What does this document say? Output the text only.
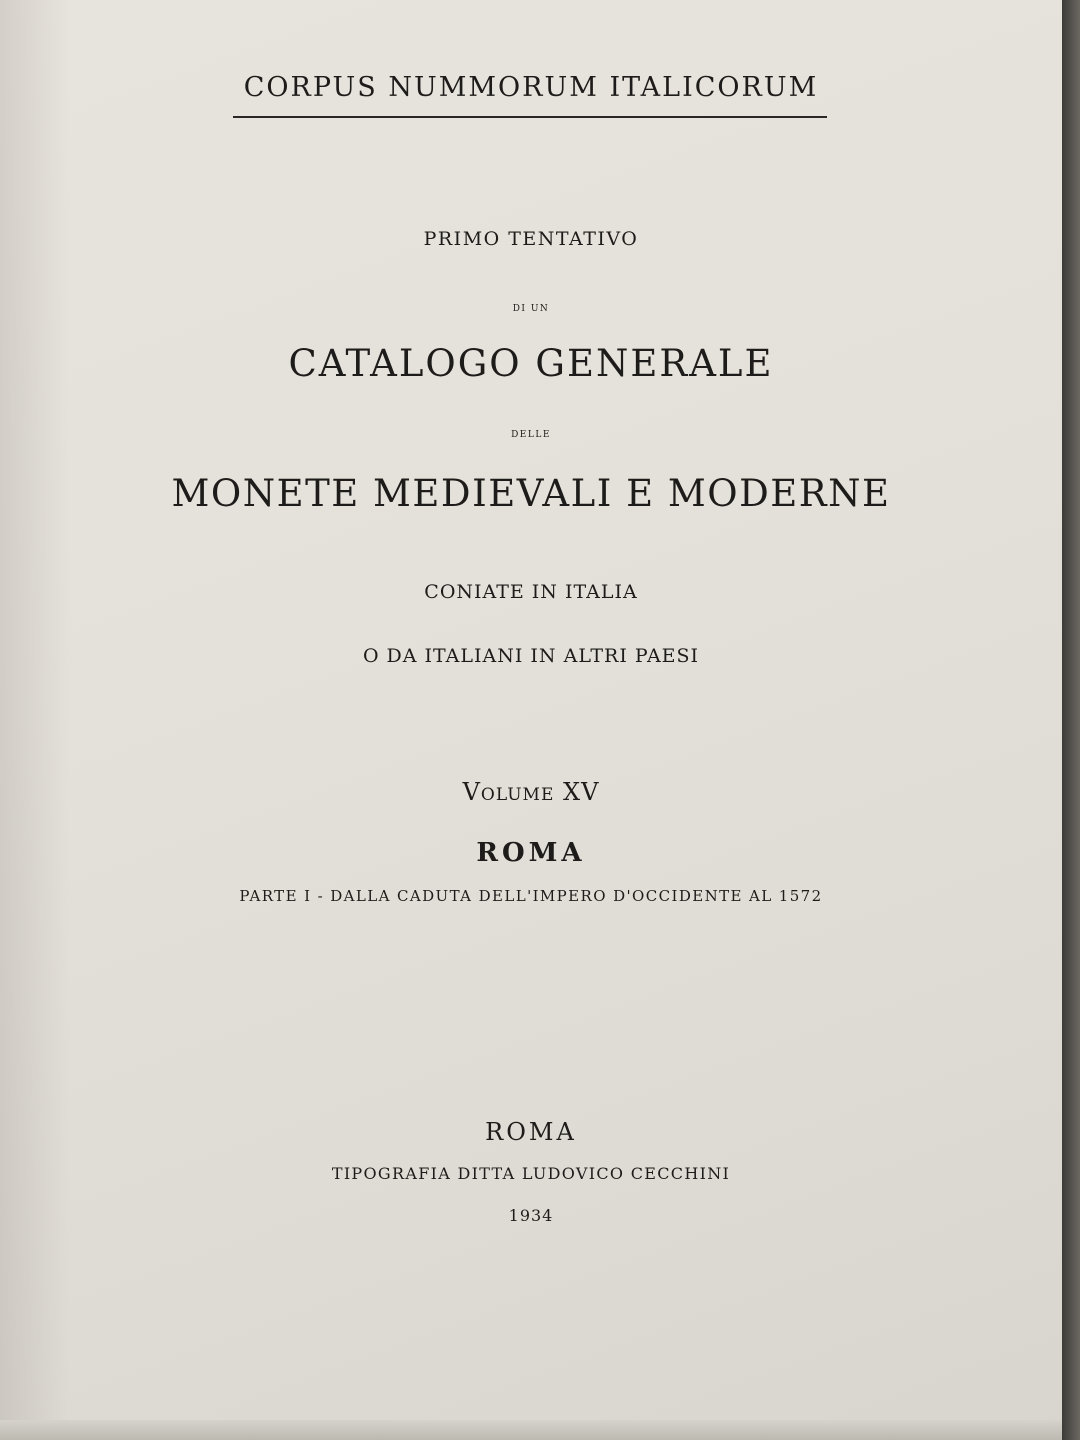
CORPUS NUMMORUM ITALICORUM

PRIMO TENTATIVO

DI UN

CATALOGO GENERALE

DELLE

MONETE MEDIEVALI E MODERNE

CONIATE IN ITALIA

O DA ITALIANI IN ALTRI PAESI

Volume XV

ROMA

PARTE I - DALLA CADUTA DELL'IMPERO D'OCCIDENTE AL 1572

ROMA

TIPOGRAFIA DITTA LUDOVICO CECCHINI

1934
